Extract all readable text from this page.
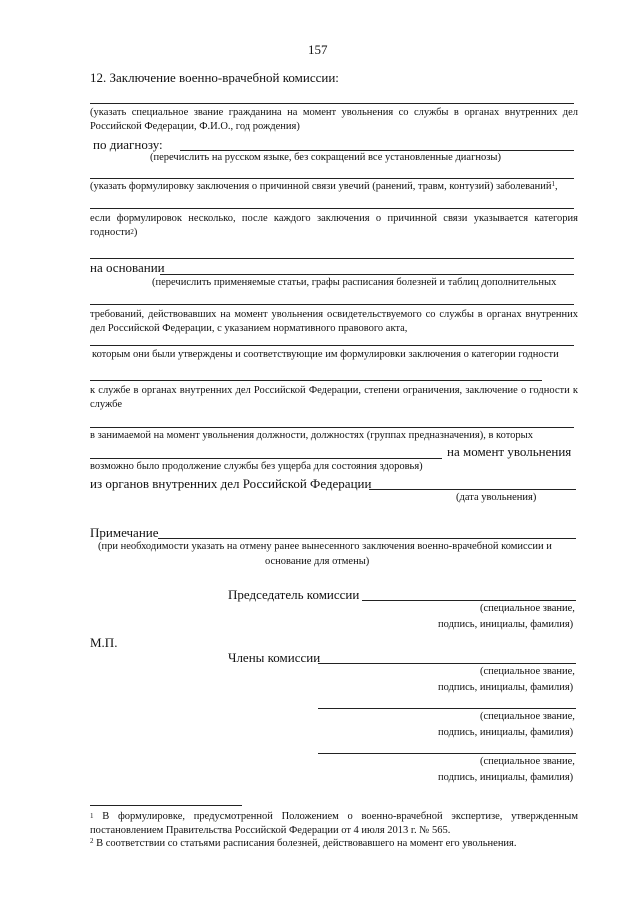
157
12. Заключение военно-врачебной комиссии:
(указать специальное звание гражданина на момент увольнения со службы в органах внутренних дел Российской Федерации, Ф.И.О., год рождения)
по диагнозу:
(перечислить на русском языке, без сокращений все установленные диагнозы)
(указать формулировку заключения о причинной связи увечий (ранений, травм, контузий) заболеваний$^1$,
если формулировок несколько, после каждого заключения о причинной связи указывается категория годности$^2$)
на основании
(перечислить применяемые статьи, графы расписания болезней и таблиц дополнительных
требований, действовавших на момент увольнения освидетельствуемого со службы в органах внутренних дел Российской Федерации, с указанием нормативного правового акта,
которым они были утверждены и соответствующие им формулировки заключения о категории годности
к службе в органах внутренних дел Российской Федерации, степени ограничения, заключение о годности к службе
в занимаемой на момент увольнения должности, должностях (группах предназначения), в которых
на момент увольнения
возможно было продолжение службы без ущерба для состояния здоровья)
из органов внутренних дел Российской Федерации
(дата увольнения)
Примечание
(при необходимости указать на отмену ранее вынесенного заключения военно-врачебной комиссии и
основание для отмены)
Председатель комиссии
(специальное звание,
подпись, инициалы, фамилия)
М.П.
Члены комиссии
(специальное звание,
подпись, инициалы, фамилия)
(специальное звание,
подпись, инициалы, фамилия)
(специальное звание,
подпись, инициалы, фамилия)
$^1$ В формулировке, предусмотренной Положением о военно-врачебной экспертизе, утвержденным постановлением Правительства Российской Федерации от 4 июля 2013 г. № 565.
$^2$ В соответствии со статьями расписания болезней, действовавшего на момент его увольнения.
